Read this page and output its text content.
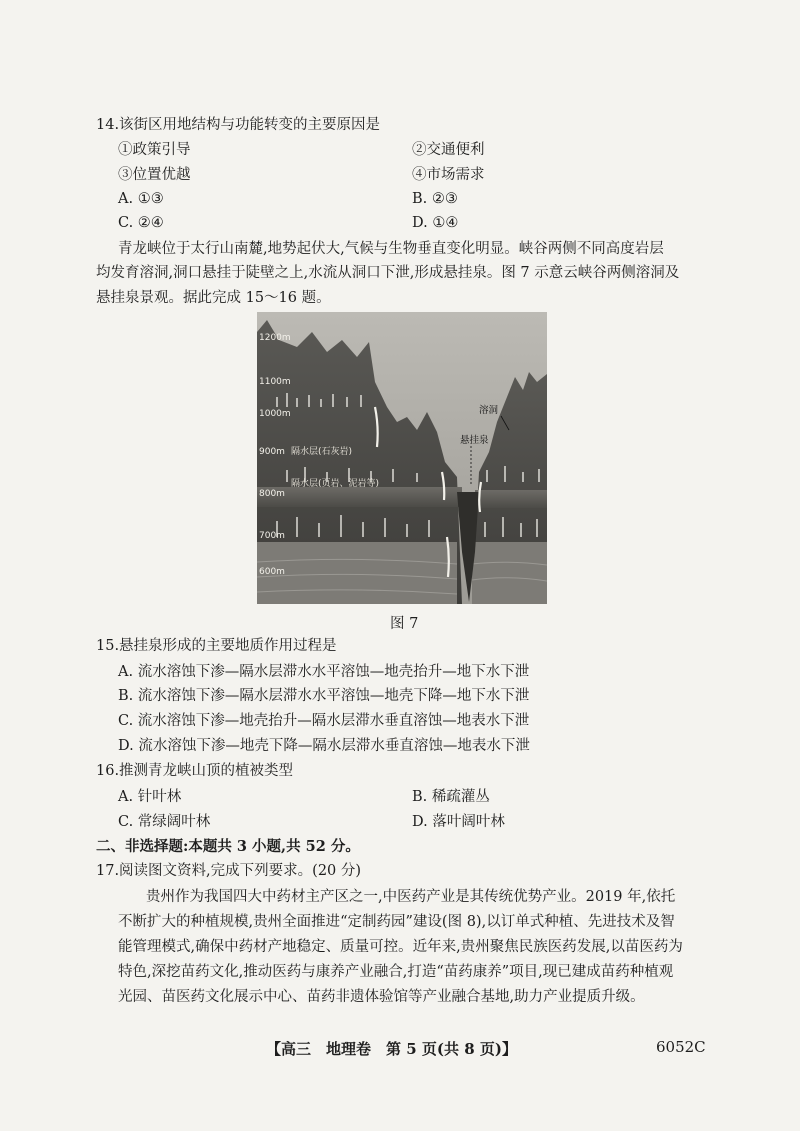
14.该街区用地结构与功能转变的主要原因是
①政策引导	②交通便利
③位置优越	④市场需求
A. ①③	B. ②③
C. ②④	D. ①④
青龙峡位于太行山南麓,地势起伏大,气候与生物垂直变化明显。峡谷两侧不同高度岩层
均发育溶洞,洞口悬挂于陡壁之上,水流从洞口下泄,形成悬挂泉。图 7 示意云峡谷两侧溶洞及
悬挂泉景观。据此完成 15～16 题。
1200m
1100m
1000m
900m
800m
700m
600m
隔水层(石灰岩)
隔水层(页岩、泥岩等)
溶洞
悬挂泉
图 7
15.悬挂泉形成的主要地质作用过程是
A. 流水溶蚀下渗—隔水层滞水水平溶蚀—地壳抬升—地下水下泄
B. 流水溶蚀下渗—隔水层滞水水平溶蚀—地壳下降—地下水下泄
C. 流水溶蚀下渗—地壳抬升—隔水层滞水垂直溶蚀—地表水下泄
D. 流水溶蚀下渗—地壳下降—隔水层滞水垂直溶蚀—地表水下泄
16.推测青龙峡山顶的植被类型
A. 针叶林	B. 稀疏灌丛
C. 常绿阔叶林	D. 落叶阔叶林
二、非选择题:本题共 3 小题,共 52 分。
17.阅读图文资料,完成下列要求。(20 分)
贵州作为我国四大中药材主产区之一,中医药产业是其传统优势产业。2019 年,依托
不断扩大的种植规模,贵州全面推进“定制药园”建设(图 8),以订单式种植、先进技术及智
能管理模式,确保中药材产地稳定、质量可控。近年来,贵州聚焦民族医药发展,以苗医药为
特色,深挖苗药文化,推动医药与康养产业融合,打造“苗药康养”项目,现已建成苗药种植观
光园、苗医药文化展示中心、苗药非遗体验馆等产业融合基地,助力产业提质升级。
【高三　地理卷　第 5 页(共 8 页)】	6052C
